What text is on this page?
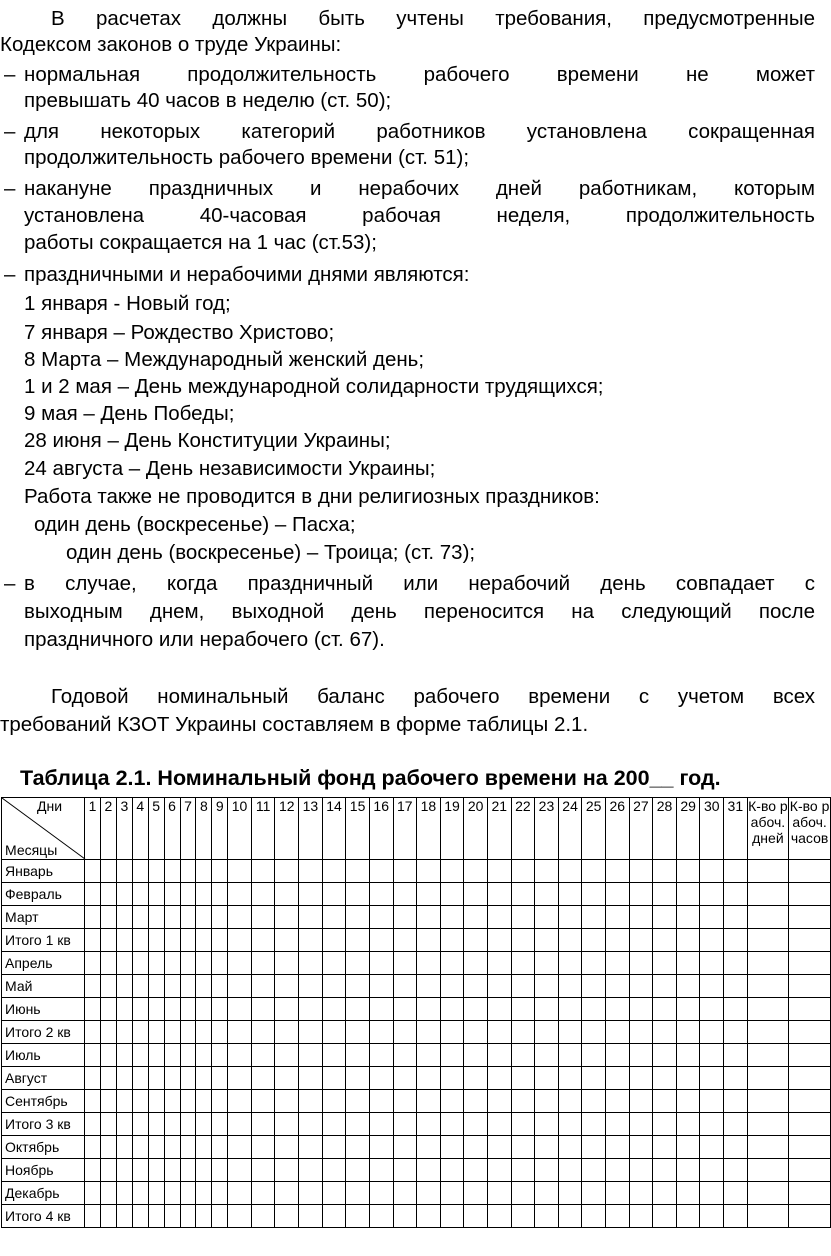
В расчетах должны быть учтены требования, предусмотренные
Кодексом законов о труде Украины:
– нормальная продолжительность рабочего времени не может
превышать 40 часов в неделю (ст. 50);
– для некоторых категорий работников установлена сокращенная
продолжительность рабочего времени (ст. 51);
– накануне праздничных и нерабочих дней работникам, которым
установлена 40-часовая рабочая неделя, продолжительность
работы сокращается на 1 час (ст.53);
– праздничными и нерабочими днями являются:
1 января - Новый год;
7 января – Рождество Христово;
8 Марта – Международный женский день;
1 и 2 мая – День международной солидарности трудящихся;
9 мая – День Победы;
28 июня – День Конституции Украины;
24 августа – День независимости Украины;
Работа также не проводится в дни религиозных праздников:
один день (воскресенье) – Пасха;
один день (воскресенье) – Троица; (ст. 73);
– в случае, когда праздничный или нерабочий день совпадает с
выходным днем, выходной день переносится на следующий после
праздничного или нерабочего (ст. 67).
Годовой номинальный баланс рабочего времени с учетом всех
требований КЗОТ Украины составляем в форме таблицы 2.1.
Таблица 2.1. Номинальный фонд рабочего времени на 200__ год.
Дни
Месяцы	1	2	3	4	5	6	7	8	9	10	11	12	13	14	15	16	17	18	19	20	21	22	23	24	25	26	27	28	29	30	31	К-во рабоч. дней	К-во рабоч. часов
Январь																																	
Февраль																																	
Март																																	
Итого 1 кв																																	
Апрель																																	
Май																																	
Июнь																																	
Итого 2 кв																																	
Июль																																	
Август																																	
Сентябрь																																	
Итого 3 кв																																	
Октябрь																																	
Ноябрь																																	
Декабрь																																	
Итого 4 кв																																	
